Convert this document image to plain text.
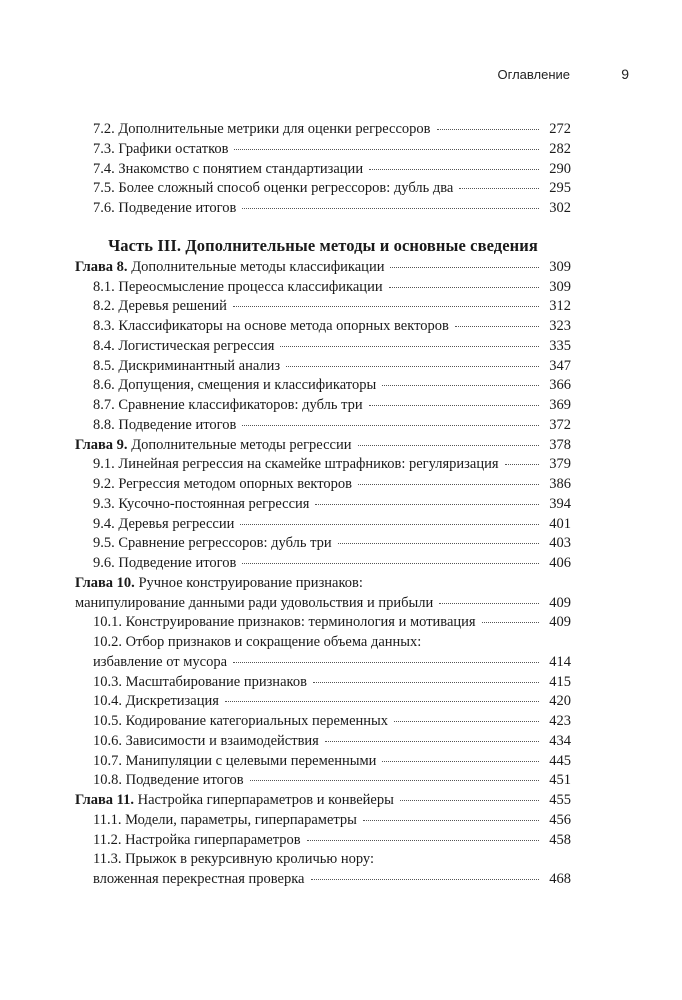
Оглавление	9
7.2. Дополнительные метрики для оценки регрессоров	272
7.3. Графики остатков	282
7.4. Знакомство с понятием стандартизации	290
7.5. Более сложный способ оценки регрессоров: дубль два	295
7.6. Подведение итогов	302
Часть III. Дополнительные методы и основные сведения
Глава 8. Дополнительные методы классификации	309
8.1. Переосмысление процесса классификации	309
8.2. Деревья решений	312
8.3. Классификаторы на основе метода опорных векторов	323
8.4. Логистическая регрессия	335
8.5. Дискриминантный анализ	347
8.6. Допущения, смещения и классификаторы	366
8.7. Сравнение классификаторов: дубль три	369
8.8. Подведение итогов	372
Глава 9. Дополнительные методы регрессии	378
9.1. Линейная регрессия на скамейке штрафников: регуляризация	379
9.2. Регрессия методом опорных векторов	386
9.3. Кусочно-постоянная регрессия	394
9.4. Деревья регрессии	401
9.5. Сравнение регрессоров: дубль три	403
9.6. Подведение итогов	406
Глава 10. Ручное конструирование признаков:
манипулирование данными ради удовольствия и прибыли	409
10.1. Конструирование признаков: терминология и мотивация	409
10.2. Отбор признаков и сокращение объема данных:
избавление от мусора	414
10.3. Масштабирование признаков	415
10.4. Дискретизация	420
10.5. Кодирование категориальных переменных	423
10.6. Зависимости и взаимодействия	434
10.7. Манипуляции с целевыми переменными	445
10.8. Подведение итогов	451
Глава 11. Настройка гиперпараметров и конвейеры	455
11.1. Модели, параметры, гиперпараметры	456
11.2. Настройка гиперпараметров	458
11.3. Прыжок в рекурсивную кроличью нору:
вложенная перекрестная проверка	468
